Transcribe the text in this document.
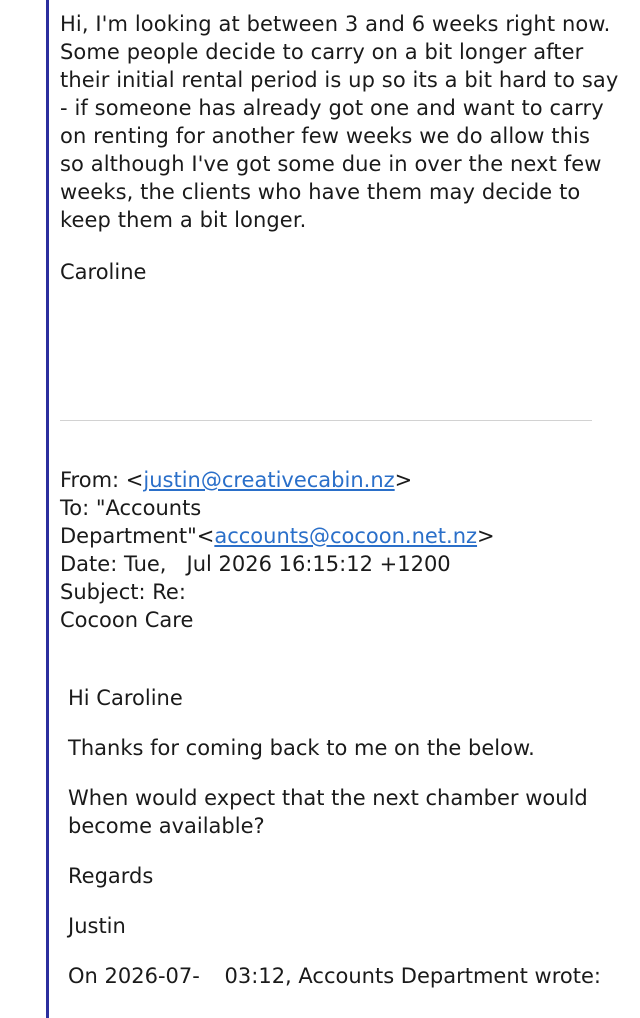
Hi, I'm looking at between 3 and 6 weeks right now. Some people decide to carry on a bit longer after their initial rental period is up so its a bit hard to say - if someone has already got one and want to carry on renting for another few weeks we do allow this so although I've got some due in over the next few weeks, the clients who have them may decide to keep them a bit longer.

Caroline

From: <justin@creativecabin.nz>
To: "Accounts
Department"<accounts@cocoon.net.nz>
Date: Tue, Jul 2026 16:15:12 +1200
Subject: Re:
Cocoon Care

Hi Caroline

Thanks for coming back to me on the below.

When would expect that the next chamber would become available?

Regards

Justin

On 2026-07- 03:12, Accounts Department wrote:
